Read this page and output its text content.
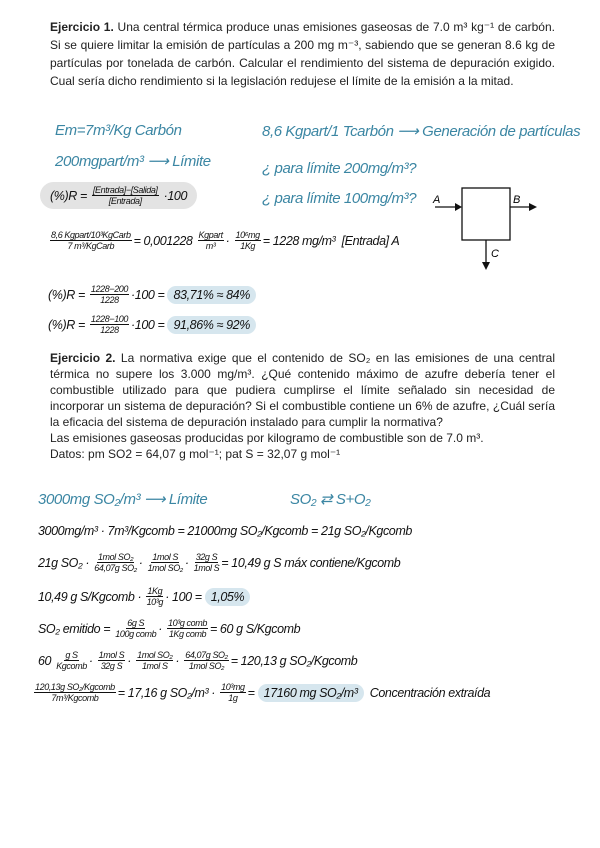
Ejercicio 1. Una central térmica produce unas emisiones gaseosas de 7.0 m³ kg⁻¹ de carbón. Si se quiere limitar la emisión de partículas a 200 mg m⁻³, sabiendo que se generan 8.6 kg de partículas por tonelada de carbón. Calcular el rendimiento del sistema de depuración exigido. Cual sería dicho rendimiento si la legislación redujese el límite de la emisión a la mitad.
A	B
C
Ejercicio 2. La normativa exige que el contenido de SO₂ en las emisiones de una central térmica no supere los 3.000 mg/m³. ¿Qué contenido máximo de azufre debería tener el combustible utilizado para que pudiera cumplirse el límite señalado sin necesidad de incorporar un sistema de depuración? Si el combustible contiene un 6% de azufre, ¿Cuál sería la eficacia del sistema de depuración instalado para cumplir la normativa?
Las emisiones gaseosas producidas por kilogramo de combustible son de 7.0 m³.
Datos: pm SO2 = 64,07 g mol⁻¹; pat S = 32,07 g mol⁻¹
Em=7m³/Kg Carbón	8,6 Kgpart/1 Tcarbón ⟶ Generación de partículas
200mgpart/m³ ⟶ Límite	¿ para límite 200mg/m³?
$(\%)R = \frac{\text{[Entrada]−[Salida]}}{\text{[Entrada]}} \cdot 100$	¿ para límite 100mg/m³?
$\frac{\text{8,6 Kgpart/10³KgCarb}}{\text{7 m³/KgCarb}} = 0,001228 \frac{\text{Kgpart}}{\text{m³}} \cdot \frac{\text{10⁶mg}}{1Kg} = 1228$ mg/m³  [Entrada] A
$(\%)R = \frac{1228-200}{1228} \cdot 100 = 83,71\% \approx 84\%$
$(\%)R = \frac{1228-100}{1228} \cdot 100 = 91,86\% \approx 92\%$
3000mg SO₂/m³ ⟶ Límite	SO₂ ⇄ S+O₂
3000mg/m³ · 7m³/Kgcomb = 21000mg SO₂/Kgcomb = 21g SO₂/Kgcomb
21g $SO_2 \cdot \frac{\text{1mol SO₂}}{\text{64,07g SO₂}} \cdot \frac{\text{1mol S}}{\text{1mol SO₂}} \cdot \frac{\text{32g S}}{\text{1mol S}} = 10,49$ g S máx contiene/Kgcomb
10,49 g S/Kgcomb · $\frac{1Kg}{\text{10³g}} \cdot 100 = 1,05\%$
SO₂ emitido = $\frac{\text{6g S}}{\text{100g comb}} \cdot \frac{\text{10³g comb}}{\text{1Kg comb}} = 60$ g S/Kgcomb
$60 \frac{\text{g S}}{\text{Kgcomb}} \cdot \frac{\text{1mol S}}{\text{32g S}} \cdot \frac{\text{1mol SO₂}}{\text{1mol S}} \cdot \frac{\text{64,07g SO₂}}{\text{1mol SO₂}} = 120,13$ g SO₂/Kgcomb
$\frac{\text{120,13g SO₂/Kgcomb}}{\text{7m³/Kgcomb}} = 17,16$ g $SO_2/m^3 \cdot \frac{\text{10³mg}}{1g} = 17160$ mg SO₂/m³ Concentración extraída
